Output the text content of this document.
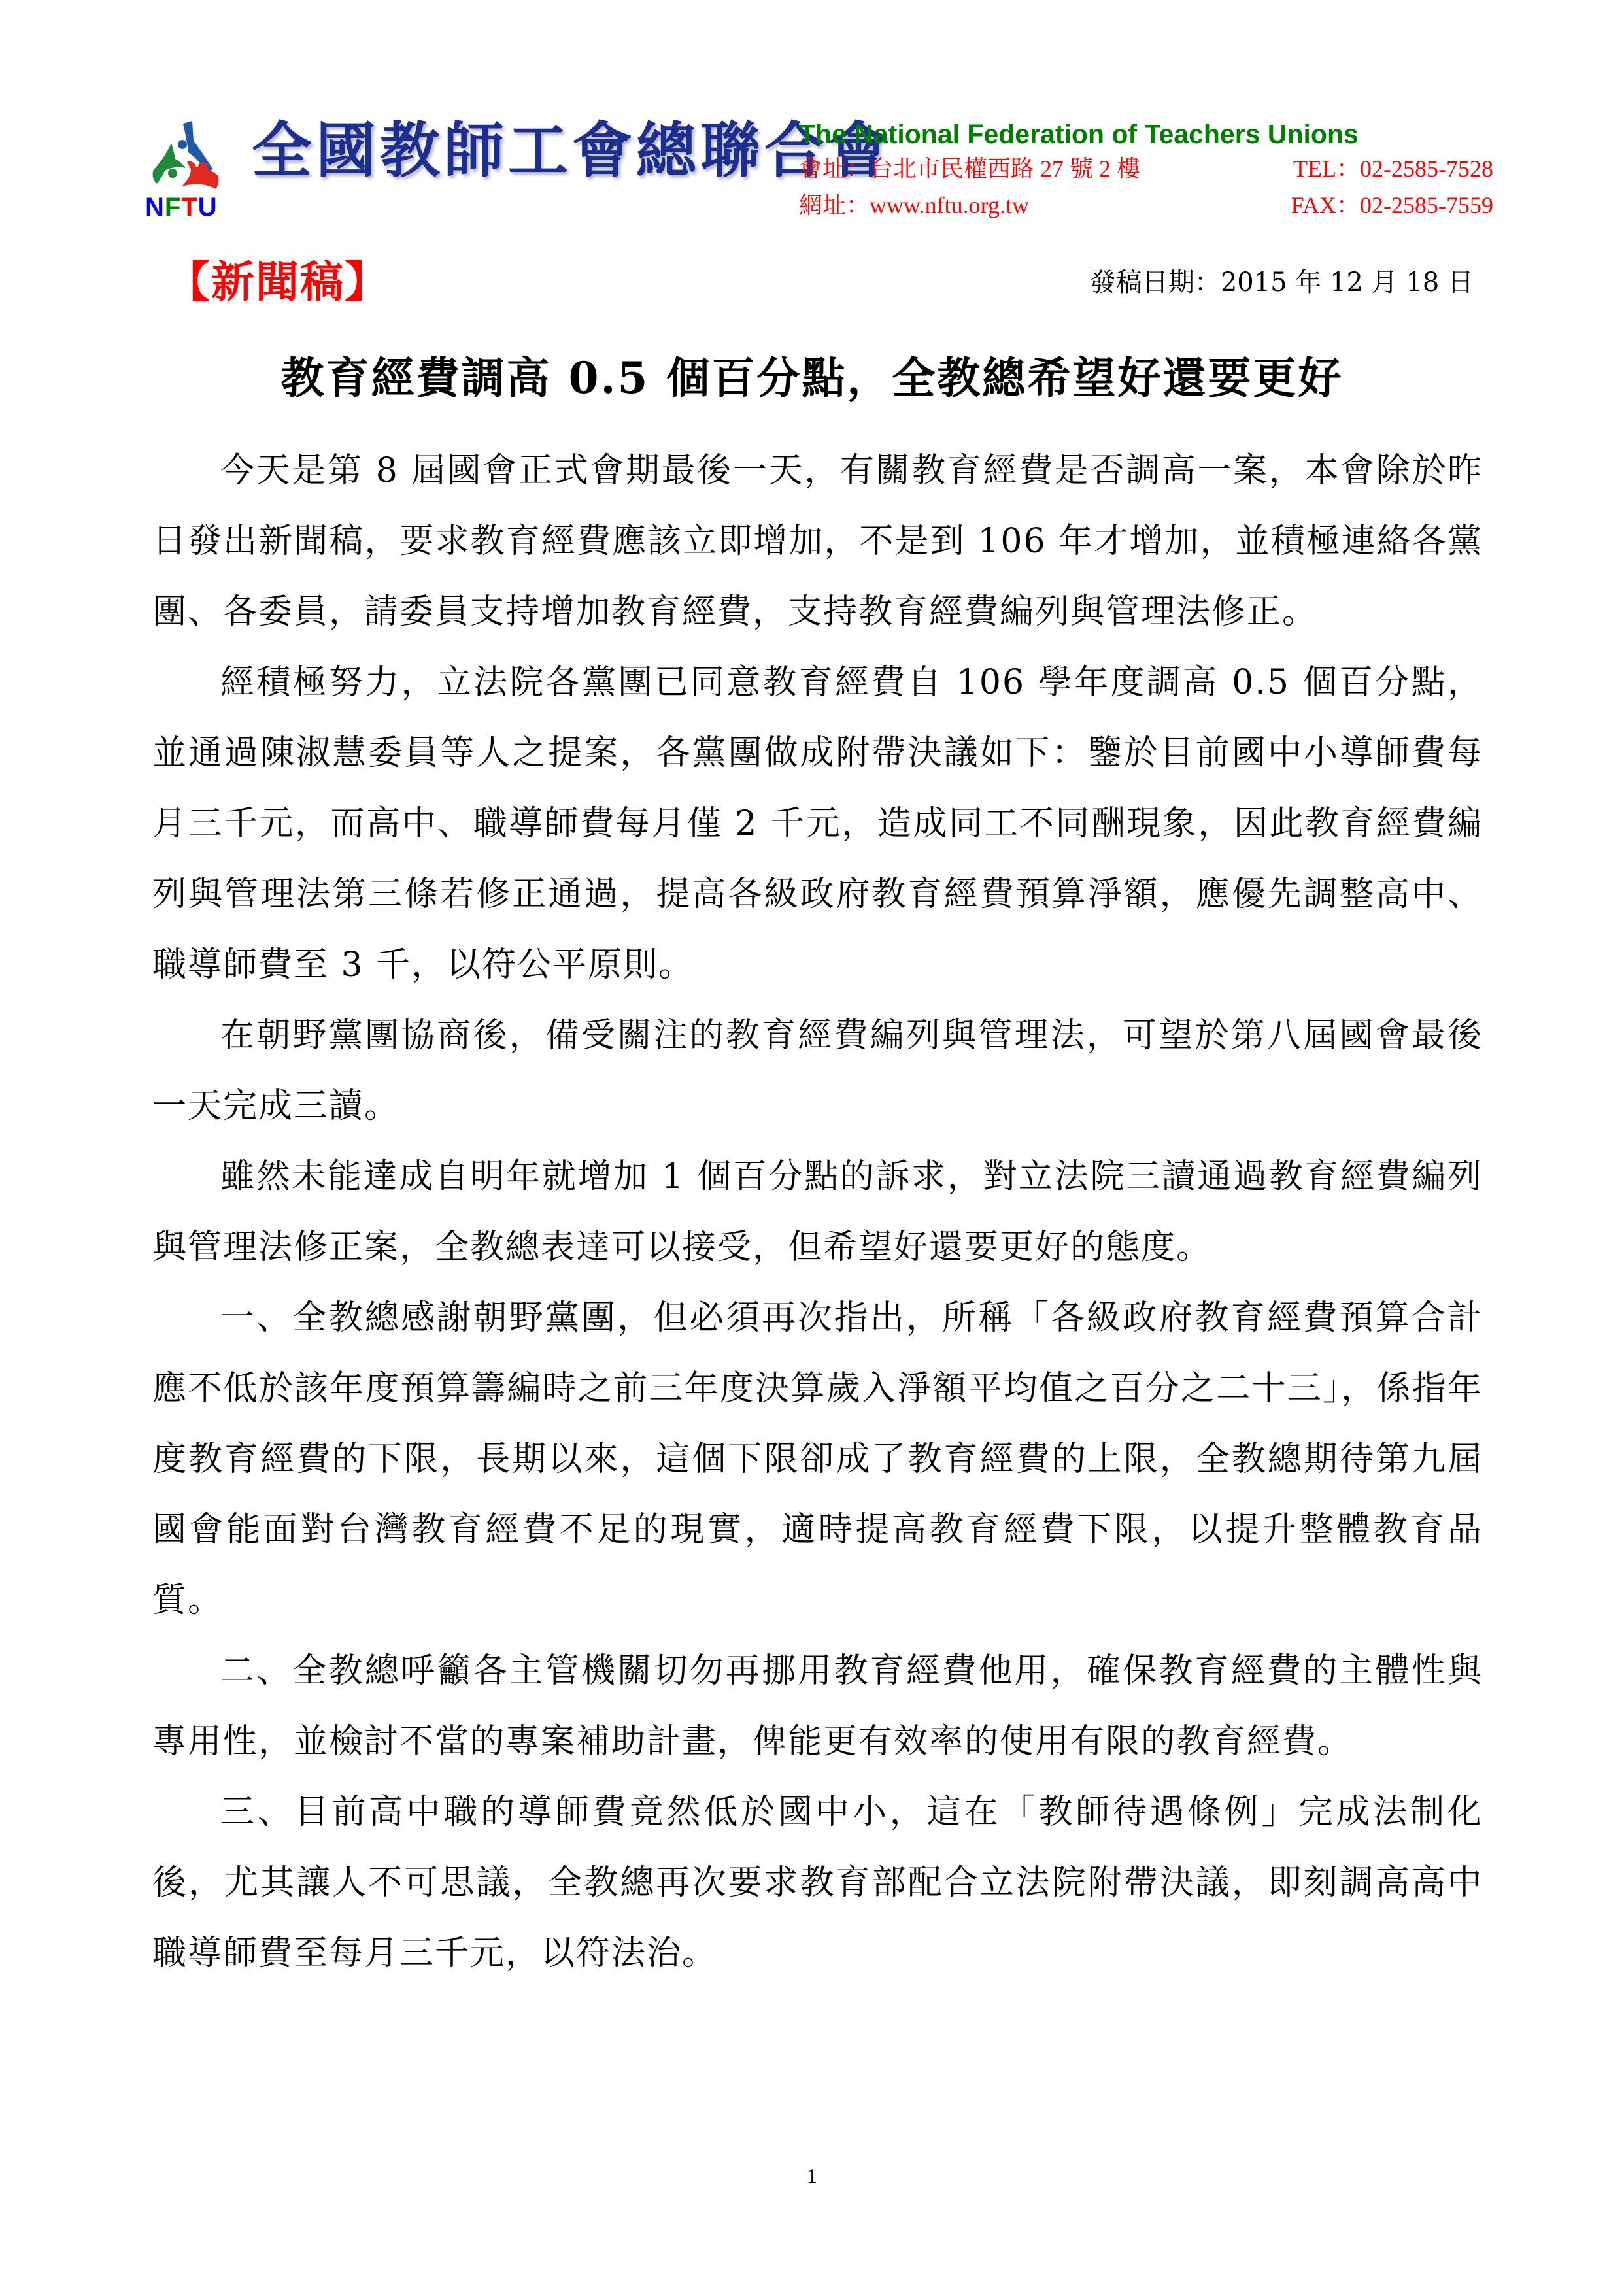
NFTU
全國教師工會總聯合會
The National Federation of Teachers Unions
會址：台北市民權西路 27 號 2 樓	TEL：02-2585-7528
網址：www.nftu.org.tw	FAX：02-2585-7559
【新聞稿】	發稿日期：2015 年 12 月 18 日
教育經費調高 0.5 個百分點，全教總希望好還要更好

今天是第 8 屆國會正式會期最後一天，有關教育經費是否調高一案，本會除於昨日發出新聞稿，要求教育經費應該立即增加，不是到 106 年才增加，並積極連絡各黨團、各委員，請委員支持增加教育經費，支持教育經費編列與管理法修正。

經積極努力，立法院各黨團已同意教育經費自 106 學年度調高 0.5 個百分點，並通過陳淑慧委員等人之提案，各黨團做成附帶決議如下：鑒於目前國中小導師費每月三千元，而高中、職導師費每月僅 2 千元，造成同工不同酬現象，因此教育經費編列與管理法第三條若修正通過，提高各級政府教育經費預算淨額，應優先調整高中、職導師費至 3 千，以符公平原則。

在朝野黨團協商後，備受關注的教育經費編列與管理法，可望於第八屆國會最後一天完成三讀。

雖然未能達成自明年就增加 1 個百分點的訴求，對立法院三讀通過教育經費編列與管理法修正案，全教總表達可以接受，但希望好還要更好的態度。

一、全教總感謝朝野黨團，但必須再次指出，所稱「各級政府教育經費預算合計應不低於該年度預算籌編時之前三年度決算歲入淨額平均值之百分之二十三」，係指年度教育經費的下限，長期以來，這個下限卻成了教育經費的上限，全教總期待第九屆國會能面對台灣教育經費不足的現實，適時提高教育經費下限，以提升整體教育品質。

二、全教總呼籲各主管機關切勿再挪用教育經費他用，確保教育經費的主體性與專用性，並檢討不當的專案補助計畫，俾能更有效率的使用有限的教育經費。

三、目前高中職的導師費竟然低於國中小，這在「教師待遇條例」完成法制化後，尤其讓人不可思議，全教總再次要求教育部配合立法院附帶決議，即刻調高高中職導師費至每月三千元，以符法治。

1
